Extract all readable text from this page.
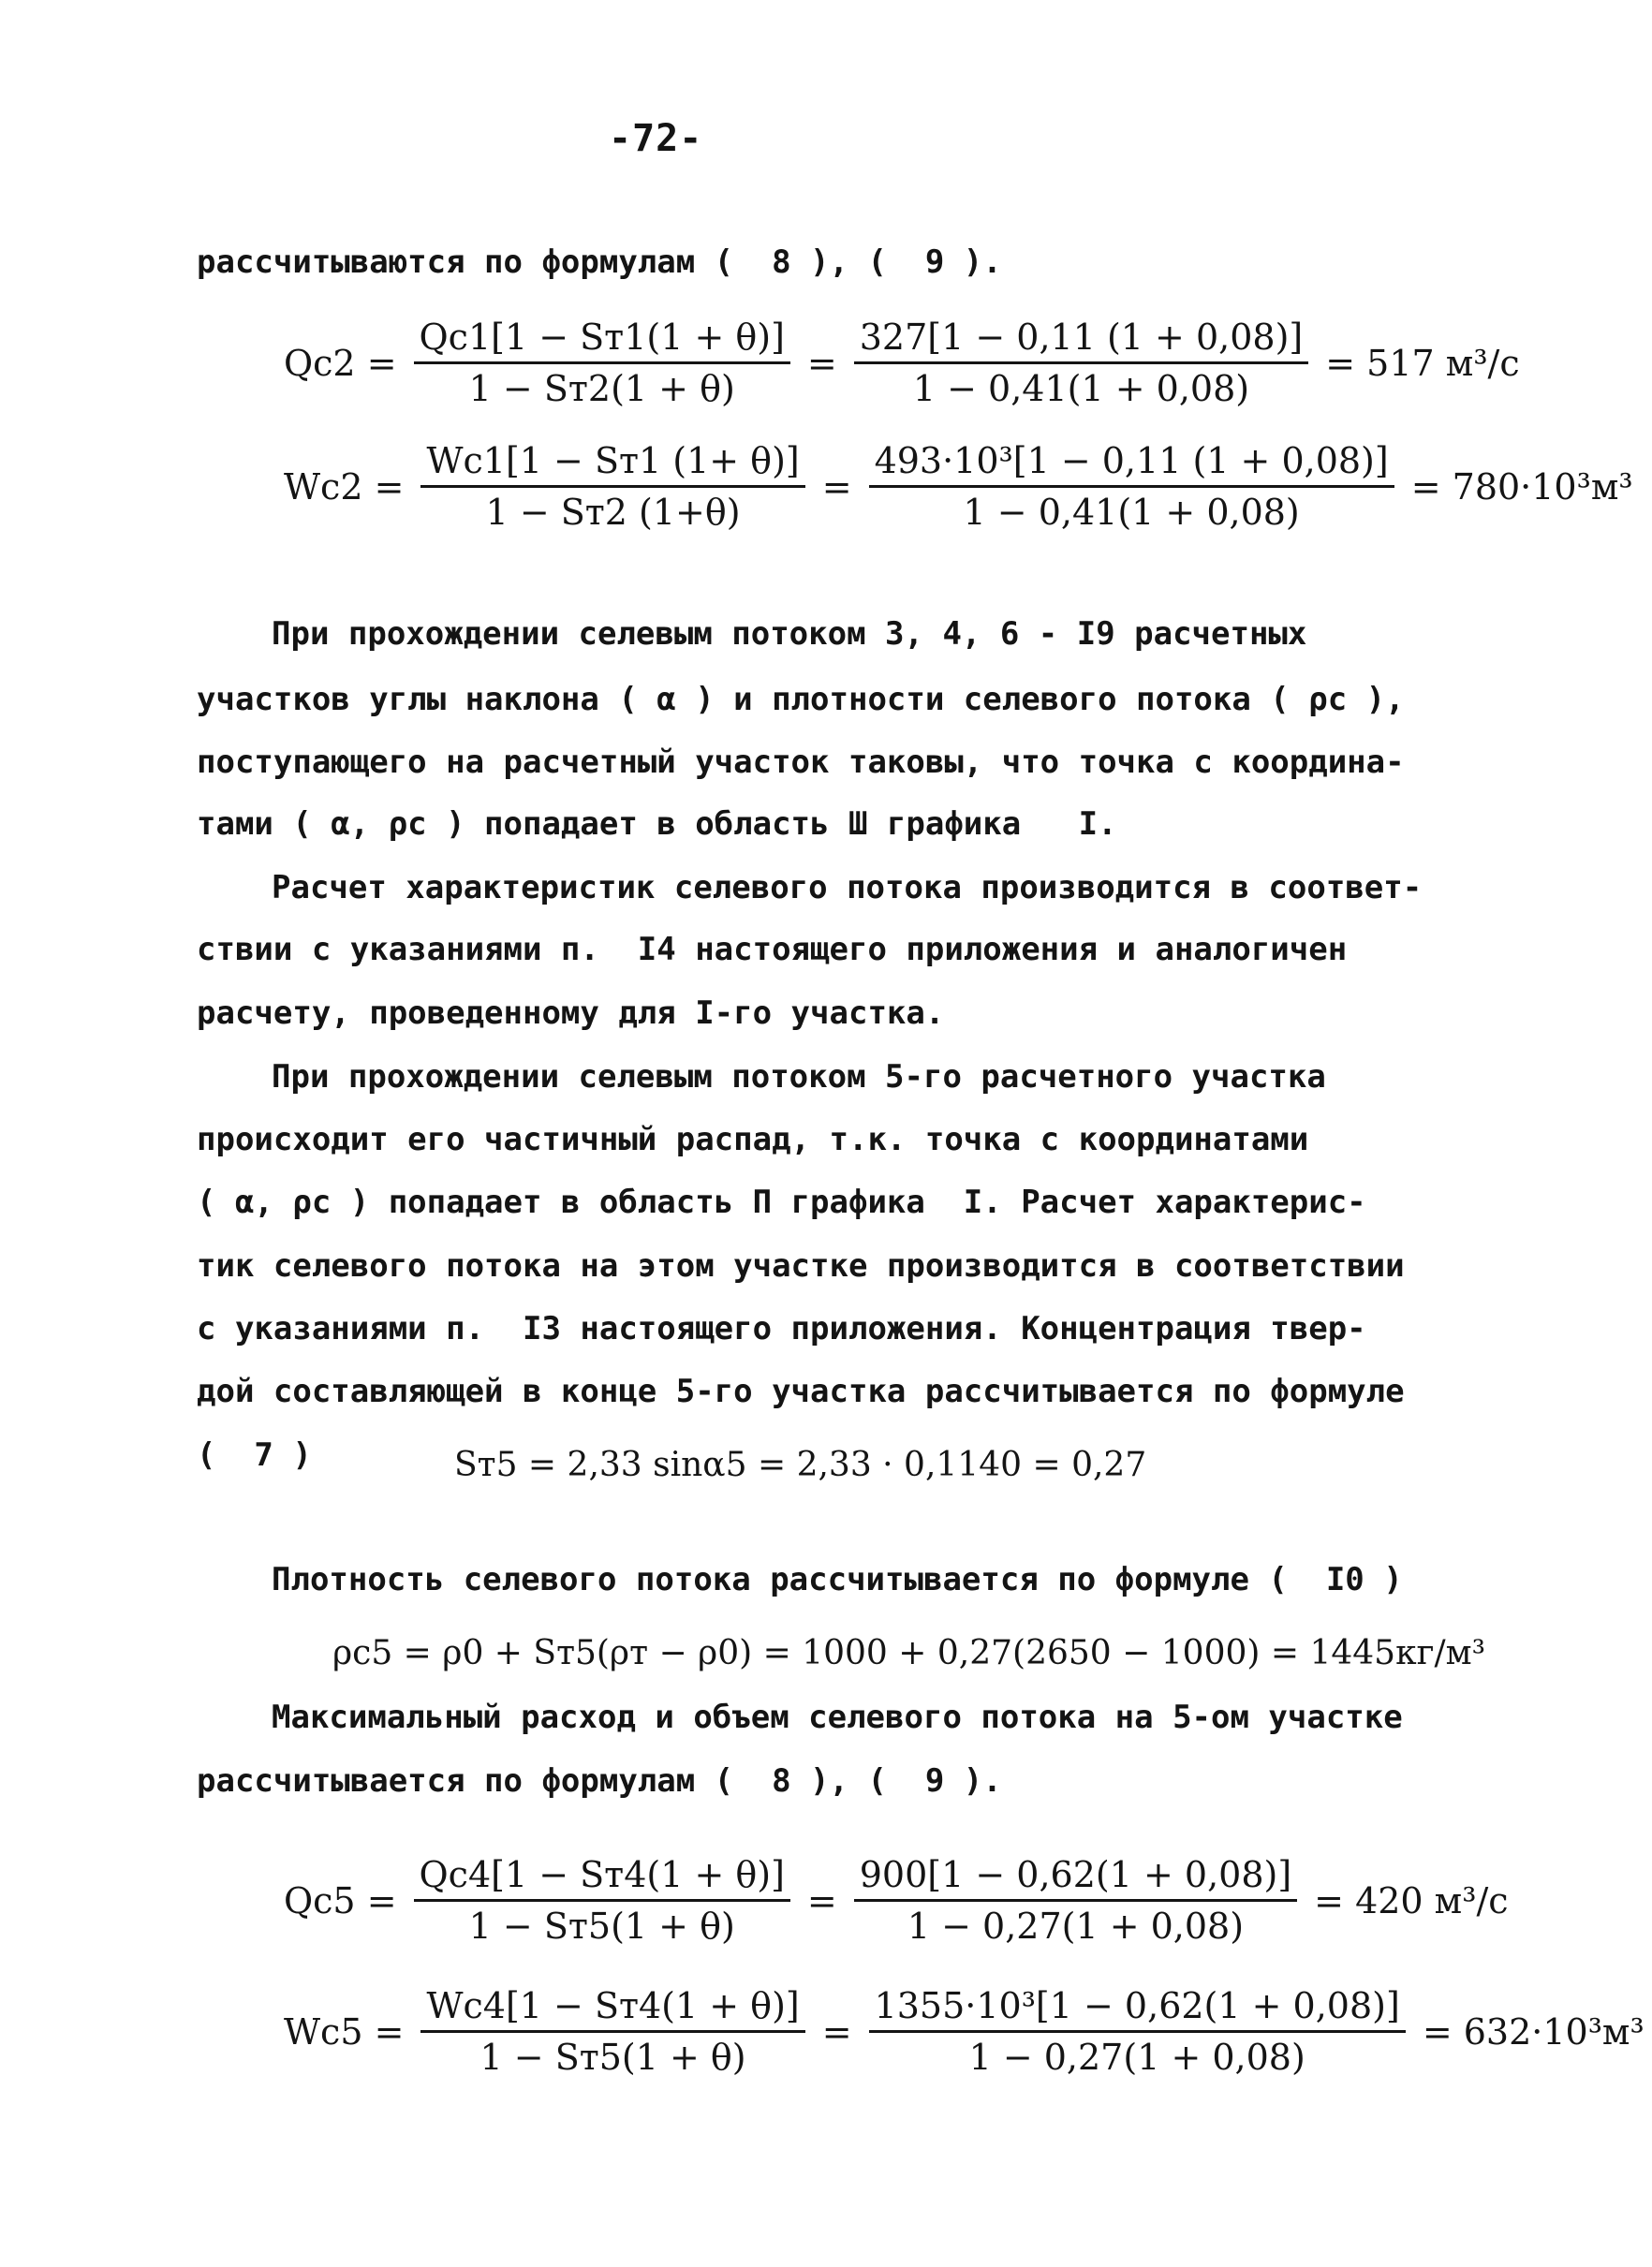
-72-
рассчитываются по формулам (  8 ), (  9 ).
$Qc2 = \frac{Qc1[1 - Sт1(1 + \theta)]}{1 - Sт2(1 + \theta)} = \frac{327[1 - 0,11 (1 + 0,08)]}{1 - 0,41(1 + 0,08)} = 517$ м³/с
$Wc2 = \frac{Wc1[1 - Sт1 (1+ \theta)]}{1 - Sт2 (1+\theta)} = \frac{\text{493·10³[1 − 0,11 (1 + 0,08)]}}{1 - 0,41(1 + 0,08)} = 780\cdot 10^3м^3$
При прохождении селевым потоком 3, 4, 6 - I9 расчетных
участков углы наклона ( α ) и плотности селевого потока ( ρс ),
поступающего на расчетный участок таковы, что точка с координа-
тами ( α, ρс ) попадает в область Ш графика   I.
Расчет характеристик селевого потока производится в соответ-
ствии с указаниями п.  I4 настоящего приложения и аналогичен
расчету, проведенному для I-го участка.
При прохождении селевым потоком 5-го расчетного участка
происходит его частичный распад, т.к. точка с координатами
( α, ρс ) попадает в область П графика  I. Расчет характерис-
тик селевого потока на этом участке производится в соответствии
с указаниями п.  I3 настоящего приложения. Концентрация твер-
дой составляющей в конце 5-го участка рассчитывается по формуле
(  7 )	Sт5 = 2,33 sinα5 = 2,33 · 0,1140 = 0,27
Плотность селевого потока рассчитывается по формуле (  I0 )
ρc5 = ρ0 + Sт5(ρт − ρ0) = 1000 + 0,27(2650 − 1000) = 1445кг/м³
Максимальный расход и объем селевого потока на 5-ом участке
рассчитывается по формулам (  8 ), (  9 ).
$Qc5 = \frac{Qc4[1 - Sт4(1 + \theta)]}{1 - Sт5(1 + \theta)} = \frac{900[1 - 0,62(1 + 0,08)]}{1 - 0,27(1 + 0,08)} = 420$ м³/с
$Wc5 = \frac{Wc4[1 - Sт4(1 + \theta)]}{1 - Sт5(1 + \theta)} = \frac{\text{1355·10³[1 − 0,62(1 + 0,08)]}}{1 - 0,27(1 + 0,08)} = 632\cdot 10^3м^3$
